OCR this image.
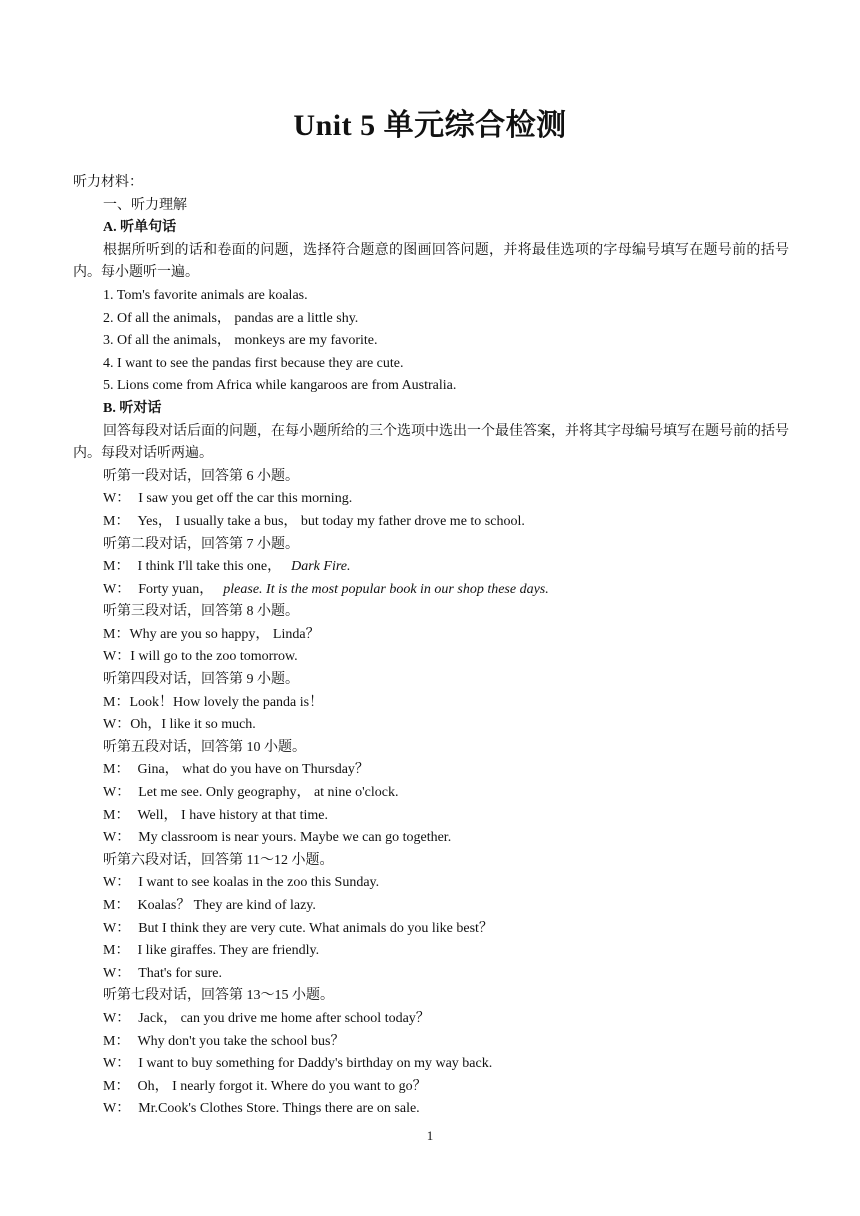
Unit 5 单元综合检测
听力材料：
一、听力理解
A. 听单句话
根据所听到的话和卷面的问题，选择符合题意的图画回答问题，并将最佳选项的字母编号填写在题号前的括号内。每小题听一遍。
1. Tom's favorite animals are koalas.
2. Of all the animals， pandas are a little shy.
3. Of all the animals， monkeys are my favorite.
4. I want to see the pandas first because they are cute.
5. Lions come from Africa while kangaroos are from Australia.
B. 听对话
回答每段对话后面的问题，在每小题所给的三个选项中选出一个最佳答案，并将其字母编号填写在题号前的括号内。每段对话听两遍。
听第一段对话，回答第 6 小题。
W： I saw you get off the car this morning.
M： Yes， I usually take a bus， but today my father drove me to school.
听第二段对话，回答第 7 小题。
M： I think I'll take this one， Dark Fire.
W： Forty yuan， please. It is the most popular book in our shop these days.
听第三段对话，回答第 8 小题。
M：Why are you so happy， Linda？
W：I will go to the zoo tomorrow.
听第四段对话，回答第 9 小题。
M：Look！How lovely the panda is！
W：Oh，I like it so much.
听第五段对话，回答第 10 小题。
M： Gina， what do you have on Thursday？
W： Let me see. Only geography， at nine o'clock.
M： Well， I have history at that time.
W： My classroom is near yours. Maybe we can go together.
听第六段对话，回答第 11～12 小题。
W： I want to see koalas in the zoo this Sunday.
M： Koalas？ They are kind of lazy.
W： But I think they are very cute. What animals do you like best？
M： I like giraffes. They are friendly.
W： That's for sure.
听第七段对话，回答第 13～15 小题。
W： Jack， can you drive me home after school today？
M： Why don't you take the school bus？
W： I want to buy something for Daddy's birthday on my way back.
M： Oh， I nearly forgot it. Where do you want to go？
W： Mr.Cook's Clothes Store. Things there are on sale.
1
